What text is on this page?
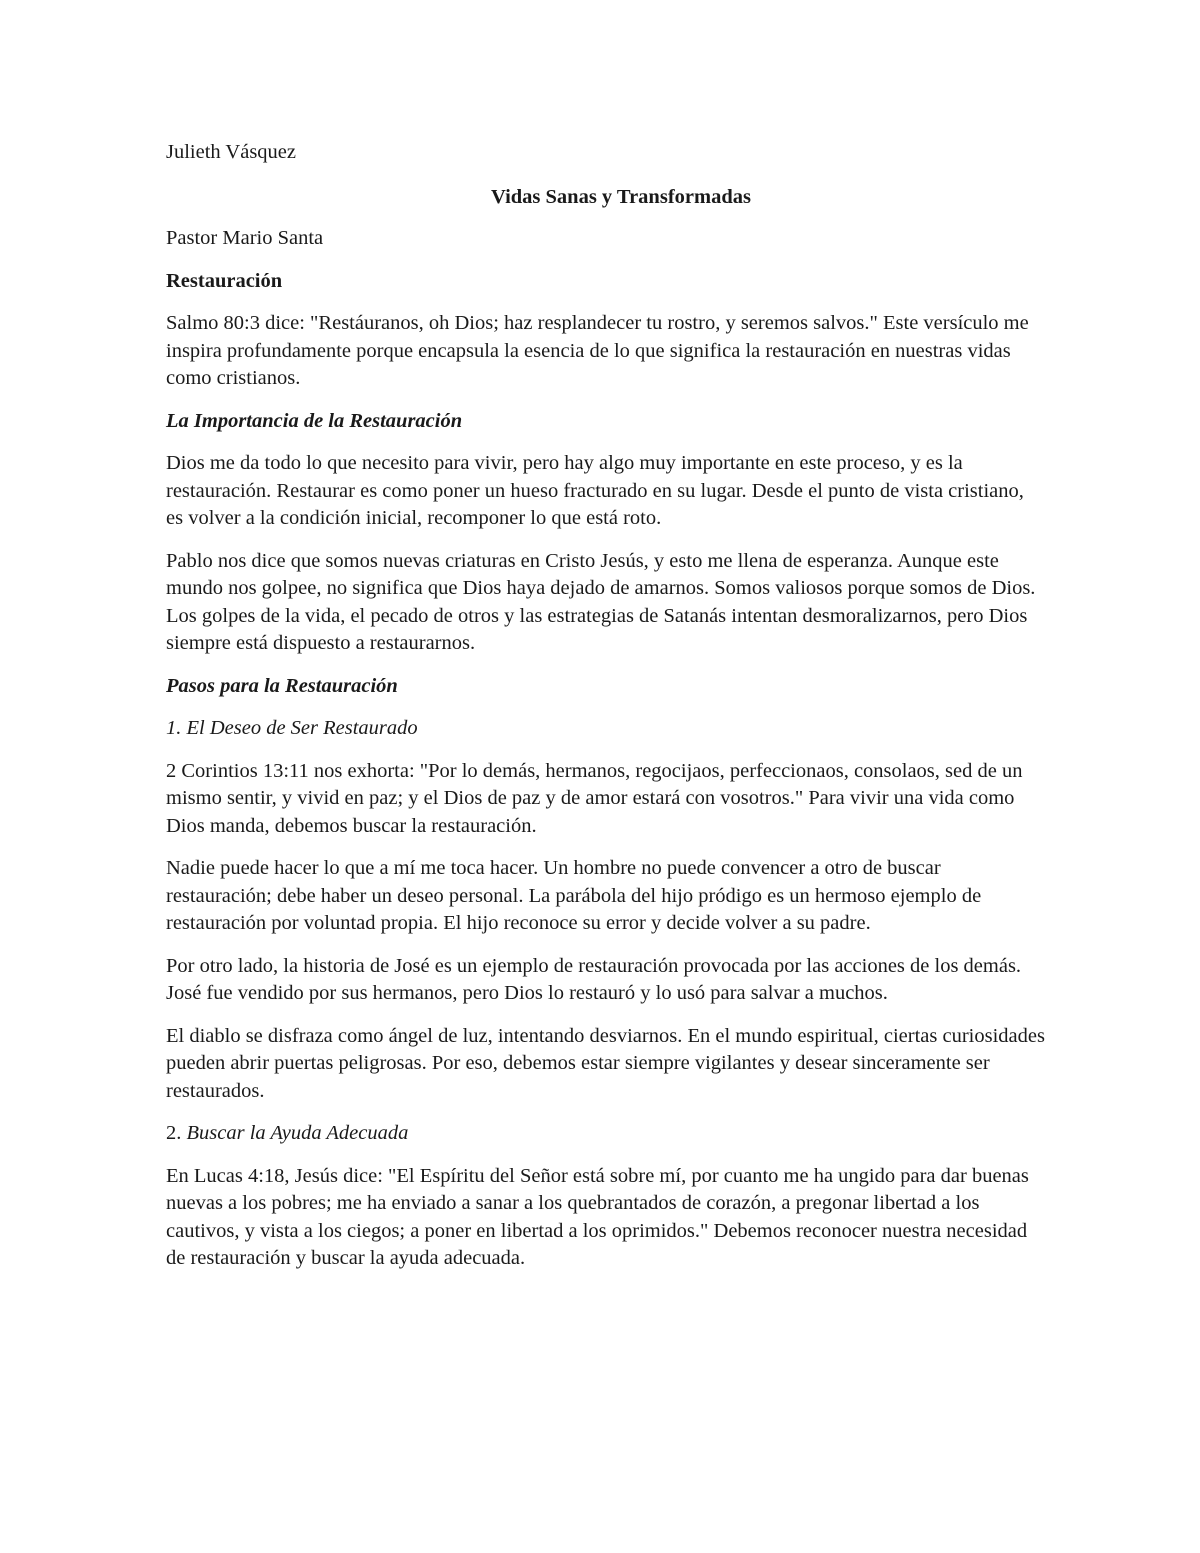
Julieth Vásquez

Vidas Sanas y Transformadas

Pastor Mario Santa

Restauración

Salmo 80:3 dice: "Restáuranos, oh Dios; haz resplandecer tu rostro, y seremos salvos." Este versículo me inspira profundamente porque encapsula la esencia de lo que significa la restauración en nuestras vidas como cristianos.

La Importancia de la Restauración

Dios me da todo lo que necesito para vivir, pero hay algo muy importante en este proceso, y es la restauración. Restaurar es como poner un hueso fracturado en su lugar. Desde el punto de vista cristiano, es volver a la condición inicial, recomponer lo que está roto.

Pablo nos dice que somos nuevas criaturas en Cristo Jesús, y esto me llena de esperanza. Aunque este mundo nos golpee, no significa que Dios haya dejado de amarnos. Somos valiosos porque somos de Dios. Los golpes de la vida, el pecado de otros y las estrategias de Satanás intentan desmoralizarnos, pero Dios siempre está dispuesto a restaurarnos.

Pasos para la Restauración

1. El Deseo de Ser Restaurado

2 Corintios 13:11 nos exhorta: "Por lo demás, hermanos, regocijaos, perfeccionaos, consolaos, sed de un mismo sentir, y vivid en paz; y el Dios de paz y de amor estará con vosotros." Para vivir una vida como Dios manda, debemos buscar la restauración.

Nadie puede hacer lo que a mí me toca hacer. Un hombre no puede convencer a otro de buscar restauración; debe haber un deseo personal. La parábola del hijo pródigo es un hermoso ejemplo de restauración por voluntad propia. El hijo reconoce su error y decide volver a su padre.

Por otro lado, la historia de José es un ejemplo de restauración provocada por las acciones de los demás. José fue vendido por sus hermanos, pero Dios lo restauró y lo usó para salvar a muchos.

El diablo se disfraza como ángel de luz, intentando desviarnos. En el mundo espiritual, ciertas curiosidades pueden abrir puertas peligrosas. Por eso, debemos estar siempre vigilantes y desear sinceramente ser restaurados.

2. Buscar la Ayuda Adecuada

En Lucas 4:18, Jesús dice: "El Espíritu del Señor está sobre mí, por cuanto me ha ungido para dar buenas nuevas a los pobres; me ha enviado a sanar a los quebrantados de corazón, a pregonar libertad a los cautivos, y vista a los ciegos; a poner en libertad a los oprimidos." Debemos reconocer nuestra necesidad de restauración y buscar la ayuda adecuada.
